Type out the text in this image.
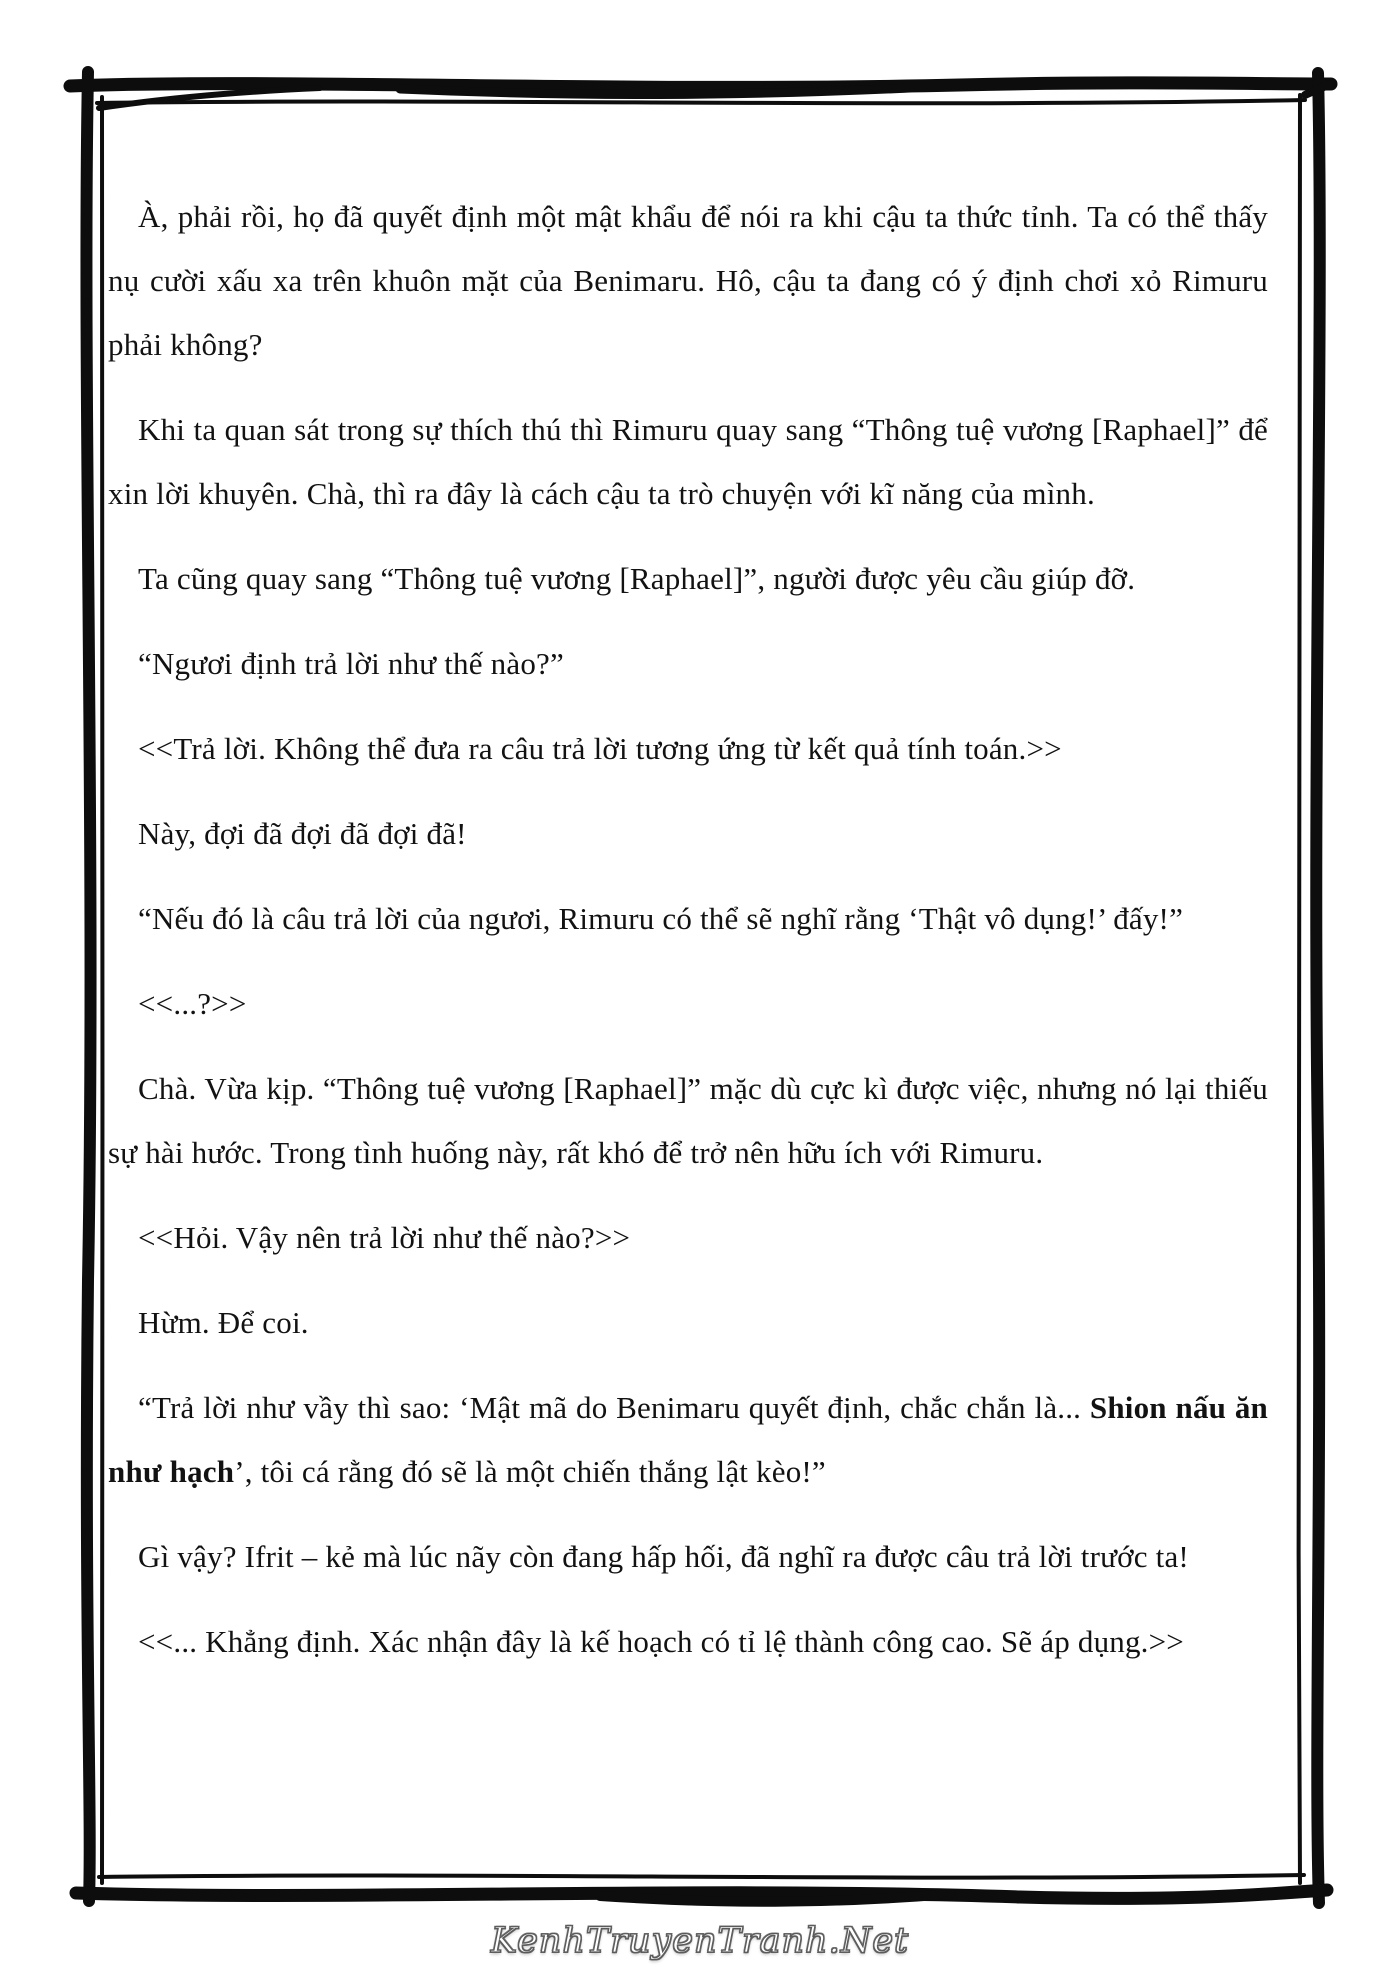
À, phải rồi, họ đã quyết định một mật khẩu để nói ra khi cậu ta thức tỉnh. Ta có thể thấy nụ cười xấu xa trên khuôn mặt của Benimaru. Hô, cậu ta đang có ý định chơi xỏ Rimuru phải không?

Khi ta quan sát trong sự thích thú thì Rimuru quay sang “Thông tuệ vương [Raphael]” để xin lời khuyên. Chà, thì ra đây là cách cậu ta trò chuyện với kĩ năng của mình.

Ta cũng quay sang “Thông tuệ vương [Raphael]”, người được yêu cầu giúp đỡ.

“Ngươi định trả lời như thế nào?”

<<Trả lời. Không thể đưa ra câu trả lời tương ứng từ kết quả tính toán.>>

Này, đợi đã đợi đã đợi đã!

“Nếu đó là câu trả lời của ngươi, Rimuru có thể sẽ nghĩ rằng ‘Thật vô dụng!’ đấy!”

<<...?>>

Chà. Vừa kịp. “Thông tuệ vương [Raphael]” mặc dù cực kì được việc, nhưng nó lại thiếu sự hài hước. Trong tình huống này, rất khó để trở nên hữu ích với Rimuru.

<<Hỏi. Vậy nên trả lời như thế nào?>>

Hừm. Để coi.

“Trả lời như vầy thì sao: ‘Mật mã do Benimaru quyết định, chắc chắn là... Shion nấu ăn như hạch’, tôi cá rằng đó sẽ là một chiến thắng lật kèo!”

Gì vậy? Ifrit – kẻ mà lúc nãy còn đang hấp hối, đã nghĩ ra được câu trả lời trước ta!

<<... Khẳng định. Xác nhận đây là kế hoạch có tỉ lệ thành công cao. Sẽ áp dụng.>>

KenhTruyenTranh.Net
